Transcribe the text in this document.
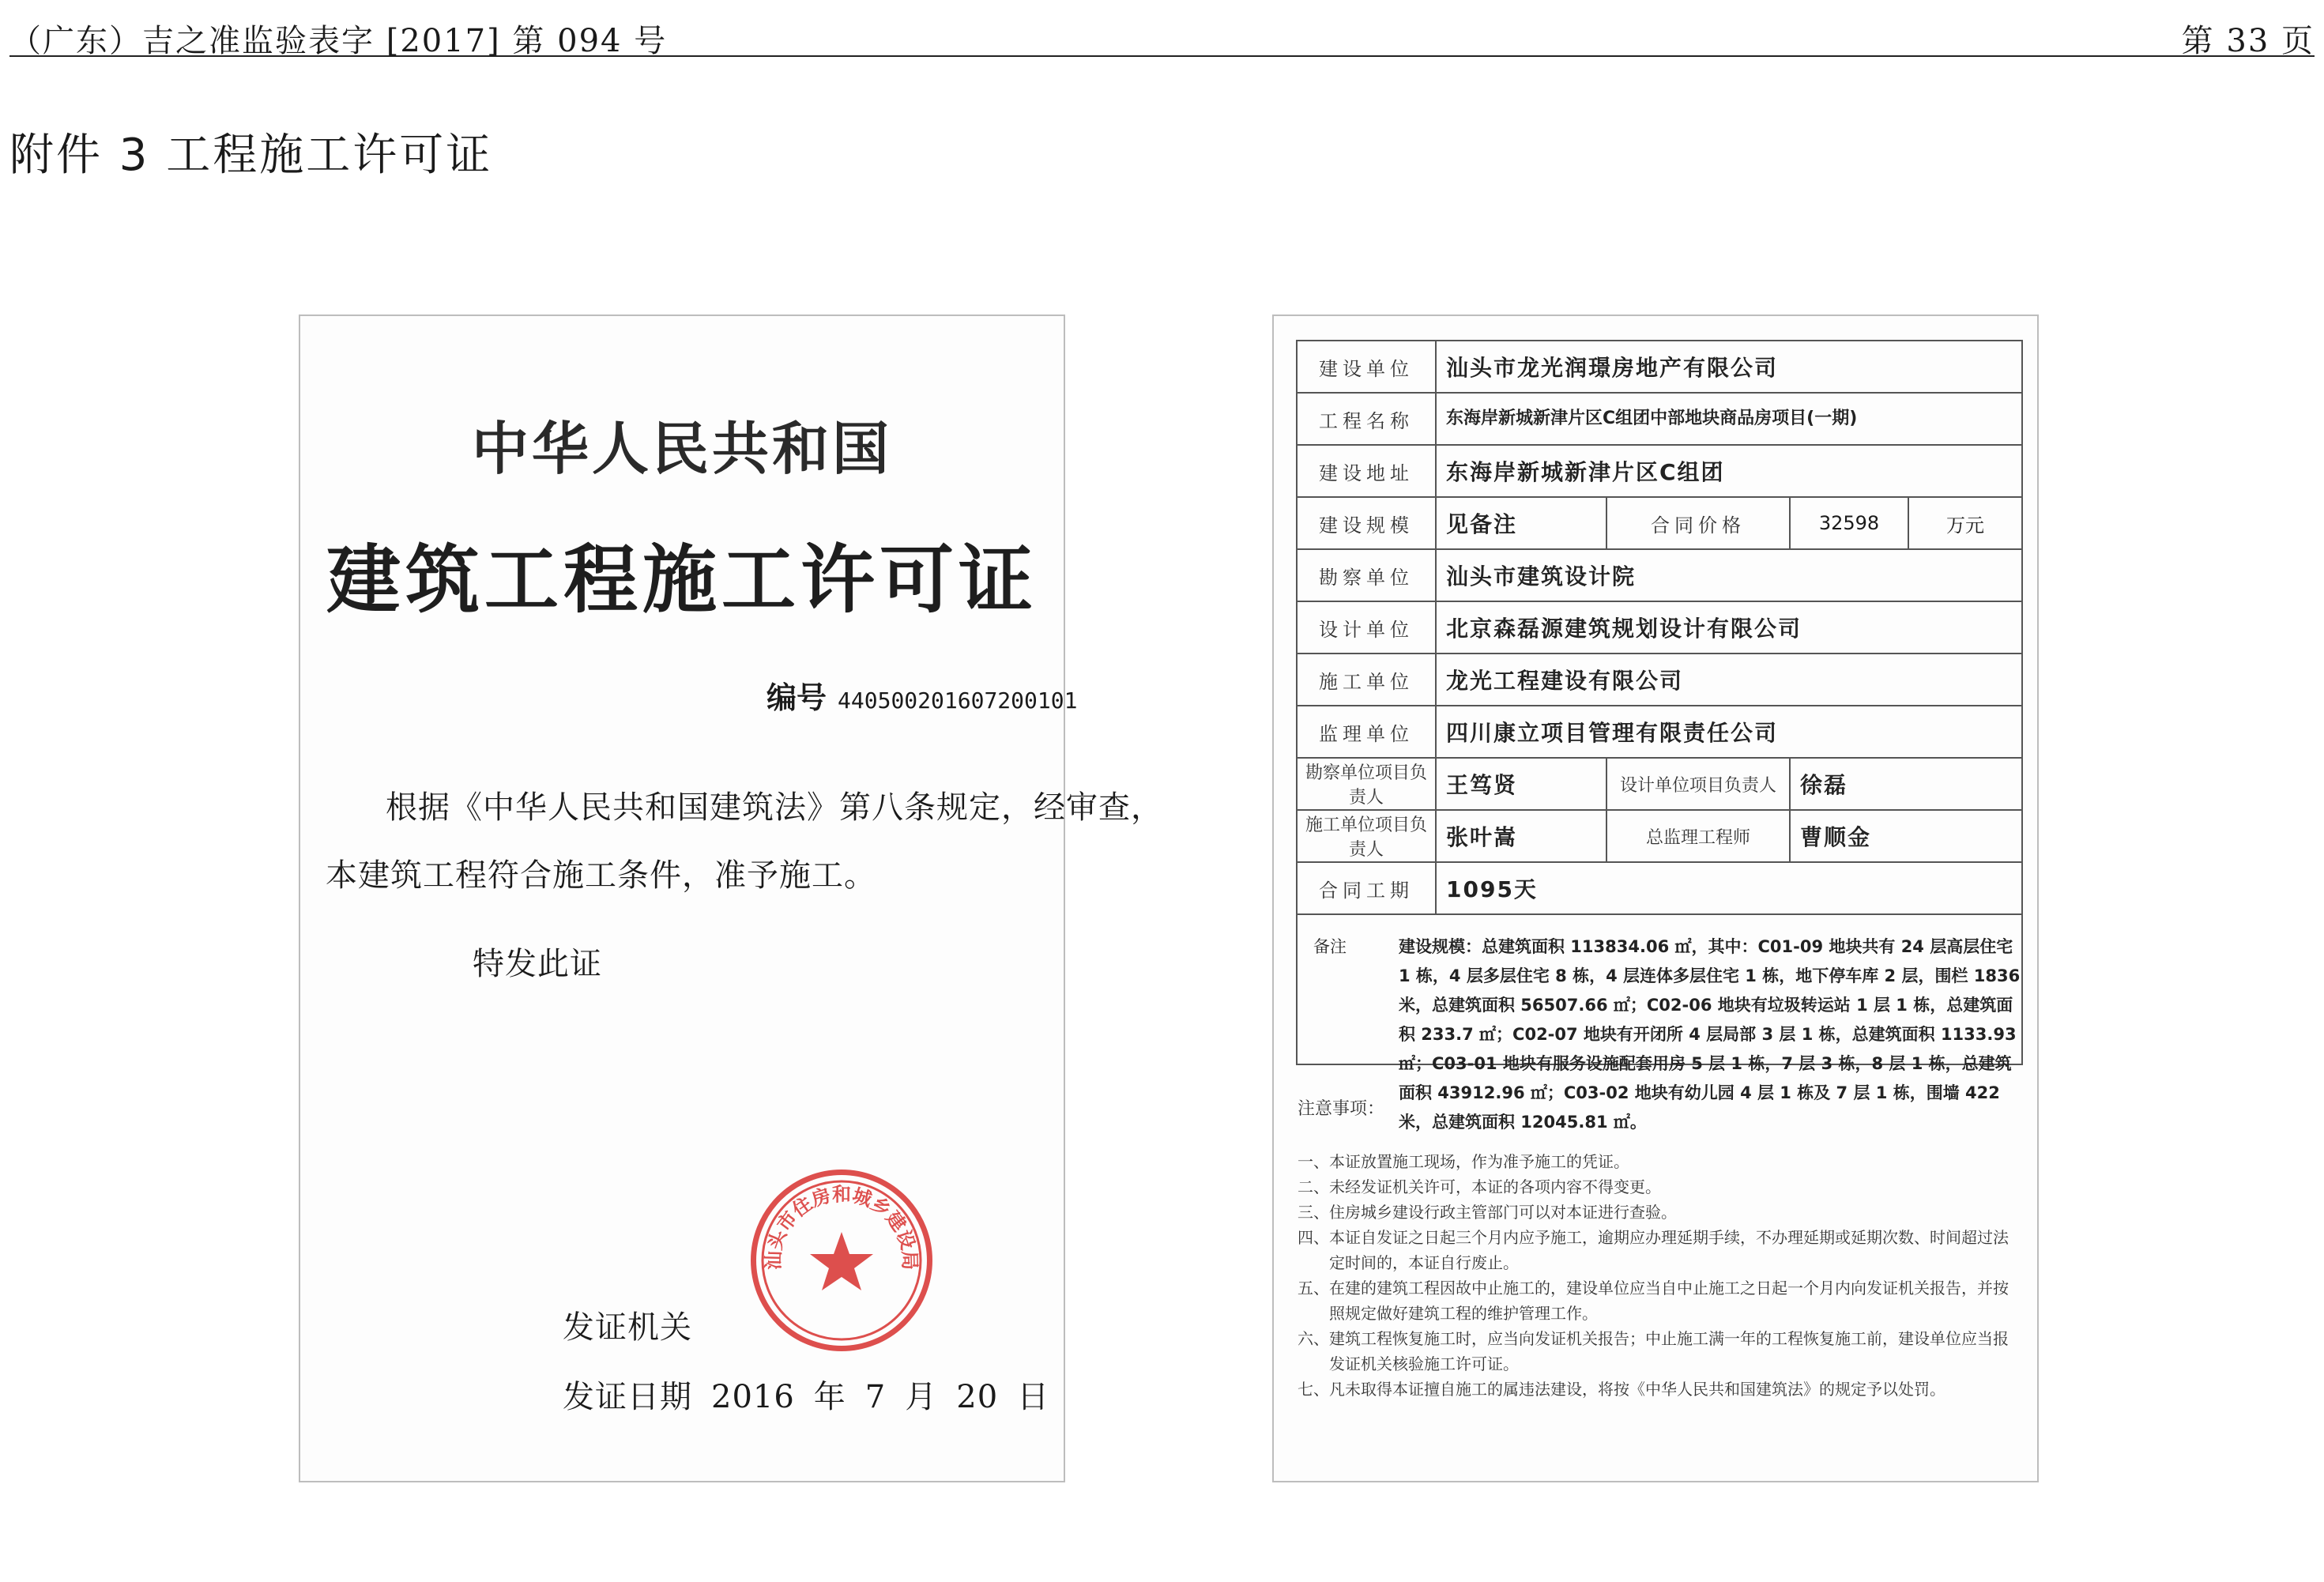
（广东）吉之准监验表字 [2017] 第 094 号	第 33 页
附件 3 工程施工许可证
中华人民共和国
建筑工程施工许可证
编号 440500201607200101
根据《中华人民共和国建筑法》第八条规定，经审查，
本建筑工程符合施工条件，准予施工。
特发此证
汕头市住房和城乡建设局
发证机关
发证日期 2016 年 7 月 20 日
建设单位	汕头市龙光润璟房地产有限公司			
工程名称	东海岸新城新津片区C组团中部地块商品房项目(一期)			
建设地址	东海岸新城新津片区C组团			
建设规模	见备注	合同价格	32598	万元
勘察单位	汕头市建筑设计院			
设计单位	北京森磊源建筑规划设计有限公司			
施工单位	龙光工程建设有限公司			
监理单位	四川康立项目管理有限责任公司			
勘察单位项目负责人	王笃贤	设计单位项目负责人	徐磊	
施工单位项目负责人	张叶嵩	总监理工程师	曹顺金	
合同工期	1095天			

备注	建设规模：总建筑面积 113834.06 ㎡，其中：C01-09 地块共有 24 层高层住宅 1 栋，4 层多层住宅 8 栋，4 层连体多层住宅 1 栋，地下停车库 2 层，围栏 1836 米，总建筑面积 56507.66 ㎡；C02-06 地块有垃圾转运站 1 层 1 栋，总建筑面积 233.7 ㎡；C02-07 地块有开闭所 4 层局部 3 层 1 栋，总建筑面积 1133.93 ㎡；C03-01 地块有服务设施配套用房 5 层 1 栋，7 层 3 栋，8 层 1 栋，总建筑面积 43912.96 ㎡；C03-02 地块有幼儿园 4 层 1 栋及 7 层 1 栋，围墙 422 米，总建筑面积 12045.81 ㎡。
注意事项：
一、本证放置施工现场，作为准予施工的凭证。
二、未经发证机关许可，本证的各项内容不得变更。
三、住房城乡建设行政主管部门可以对本证进行查验。
四、本证自发证之日起三个月内应予施工，逾期应办理延期手续，不办理延期或延期次数、时间超过法定时间的，本证自行废止。
五、在建的建筑工程因故中止施工的，建设单位应当自中止施工之日起一个月内向发证机关报告，并按照规定做好建筑工程的维护管理工作。
六、建筑工程恢复施工时，应当向发证机关报告；中止施工满一年的工程恢复施工前，建设单位应当报发证机关核验施工许可证。
七、凡未取得本证擅自施工的属违法建设，将按《中华人民共和国建筑法》的规定予以处罚。
